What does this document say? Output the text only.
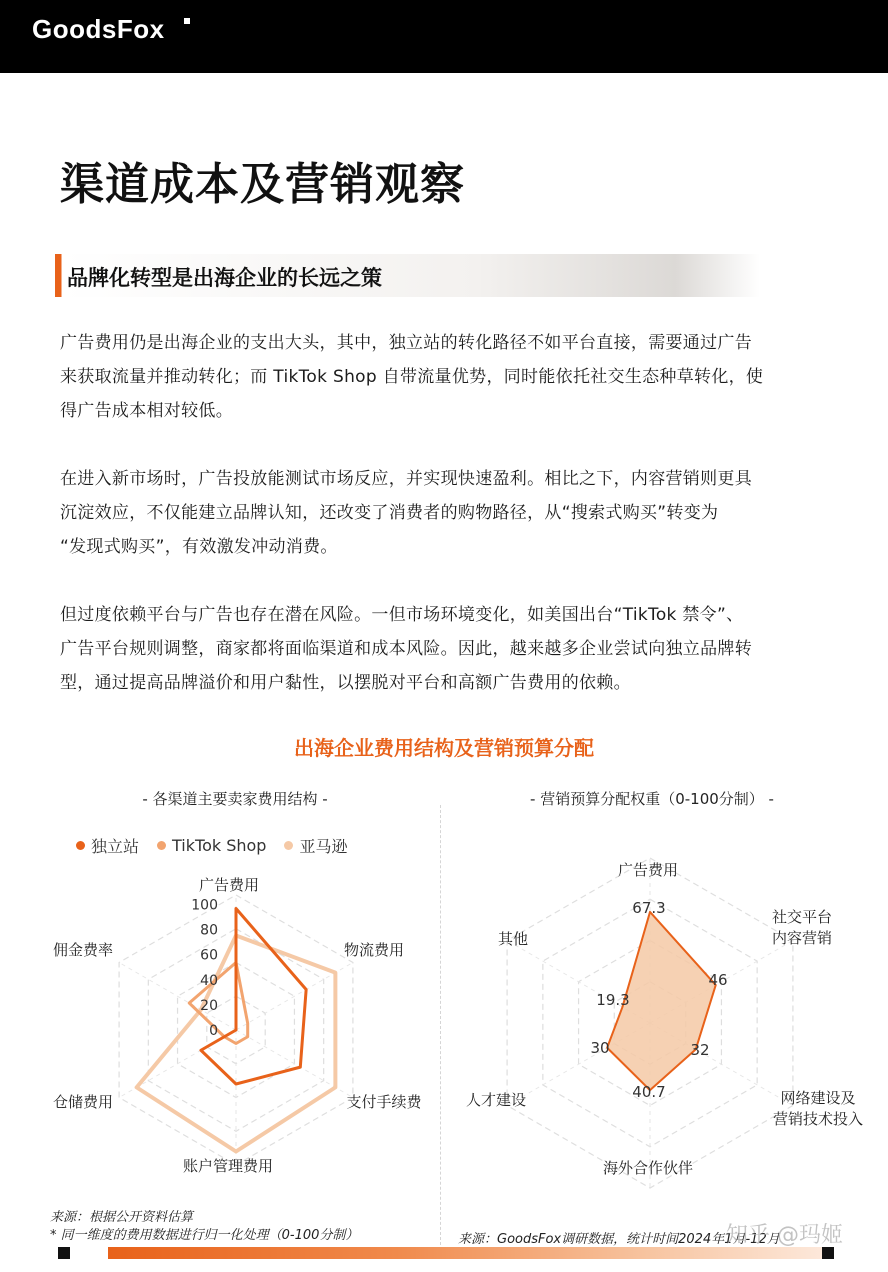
GoodsFox
渠道成本及营销观察
品牌化转型是出海企业的长远之策
广告费用仍是出海企业的支出大头，其中，独立站的转化路径不如平台直接，需要通过广告
来获取流量并推动转化；而 TikTok Shop 自带流量优势，同时能依托社交生态种草转化，使
得广告成本相对较低。
在进入新市场时，广告投放能测试市场反应，并实现快速盈利。相比之下，内容营销则更具
沉淀效应，不仅能建立品牌认知，还改变了消费者的购物路径，从“搜索式购买”转变为
“发现式购买”，有效激发冲动消费。
但过度依赖平台与广告也存在潜在风险。一但市场环境变化，如美国出台“TikTok 禁令”、
广告平台规则调整，商家都将面临渠道和成本风险。因此，越来越多企业尝试向独立品牌转
型，通过提高品牌溢价和用户黏性，以摆脱对平台和高额广告费用的依赖。
出海企业费用结构及营销预算分配
- 各渠道主要卖家费用结构 -	- 营销预算分配权重（0-100分制） -
独立站 TikTok Shop 亚马逊
100
80
60
40
20
0
广告费用
物流费用
支付手续费
账户管理费用
仓储费用
佣金费率
67.3
46
32
40.7
30
19.3
广告费用
社交平台内容营销
网络建设及营销技术投入
海外合作伙伴
人才建设
其他
来源：根据公开资料估算
* 同一维度的费用数据进行归一化处理（0-100分制）	来源：GoodsFox调研数据，统计时间2024年1月-12月
知乎 @玛姬
